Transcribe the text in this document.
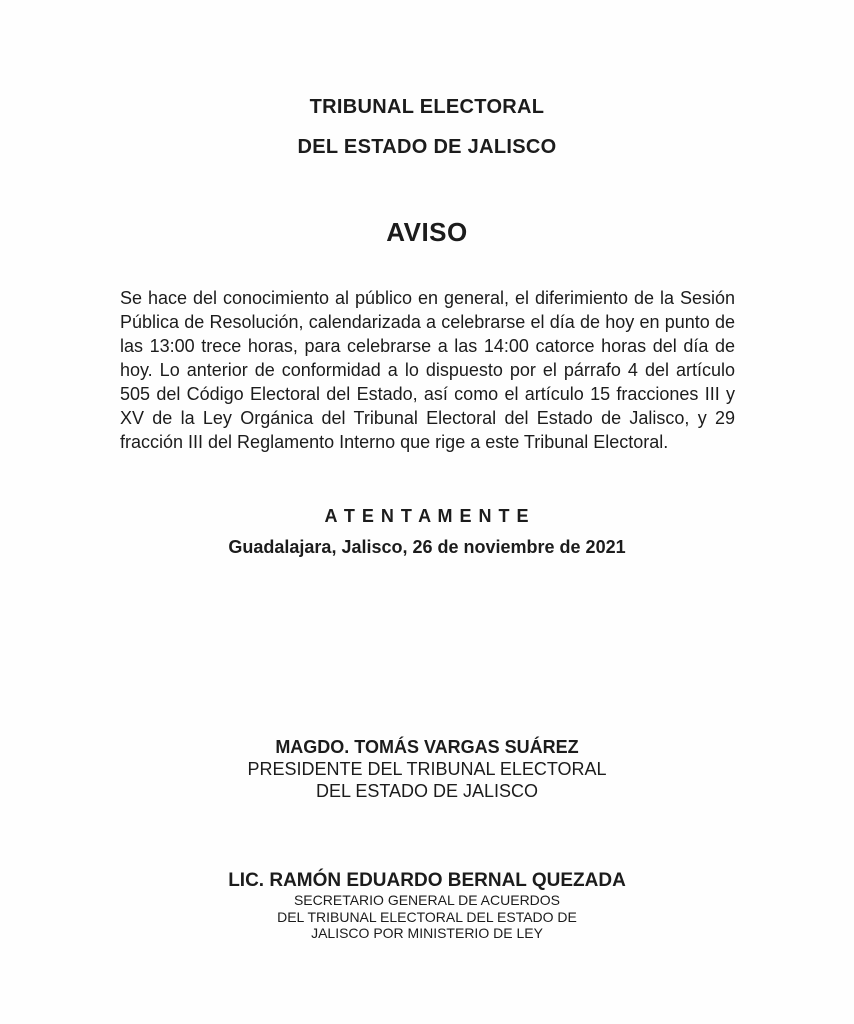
TRIBUNAL ELECTORAL
DEL ESTADO DE JALISCO
AVISO

Se hace del conocimiento al público en general, el diferimiento de la Sesión Pública de Resolución, calendarizada a celebrarse el día de hoy en punto de las 13:00 trece horas, para celebrarse a las 14:00 catorce horas del día de hoy. Lo anterior de conformidad a lo dispuesto por el párrafo 4 del artículo 505 del Código Electoral del Estado, así como el artículo 15 fracciones III y XV de la Ley Orgánica del Tribunal Electoral del Estado de Jalisco, y 29 fracción III del Reglamento Interno que rige a este Tribunal Electoral.

A T E N T A M E N T E
Guadalajara, Jalisco, 26 de noviembre de 2021
MAGDO. TOMÁS VARGAS SUÁREZ
PRESIDENTE DEL TRIBUNAL ELECTORAL
DEL ESTADO DE JALISCO
LIC. RAMÓN EDUARDO BERNAL QUEZADA
SECRETARIO GENERAL DE ACUERDOS
DEL TRIBUNAL ELECTORAL DEL ESTADO DE
JALISCO POR MINISTERIO DE LEY
